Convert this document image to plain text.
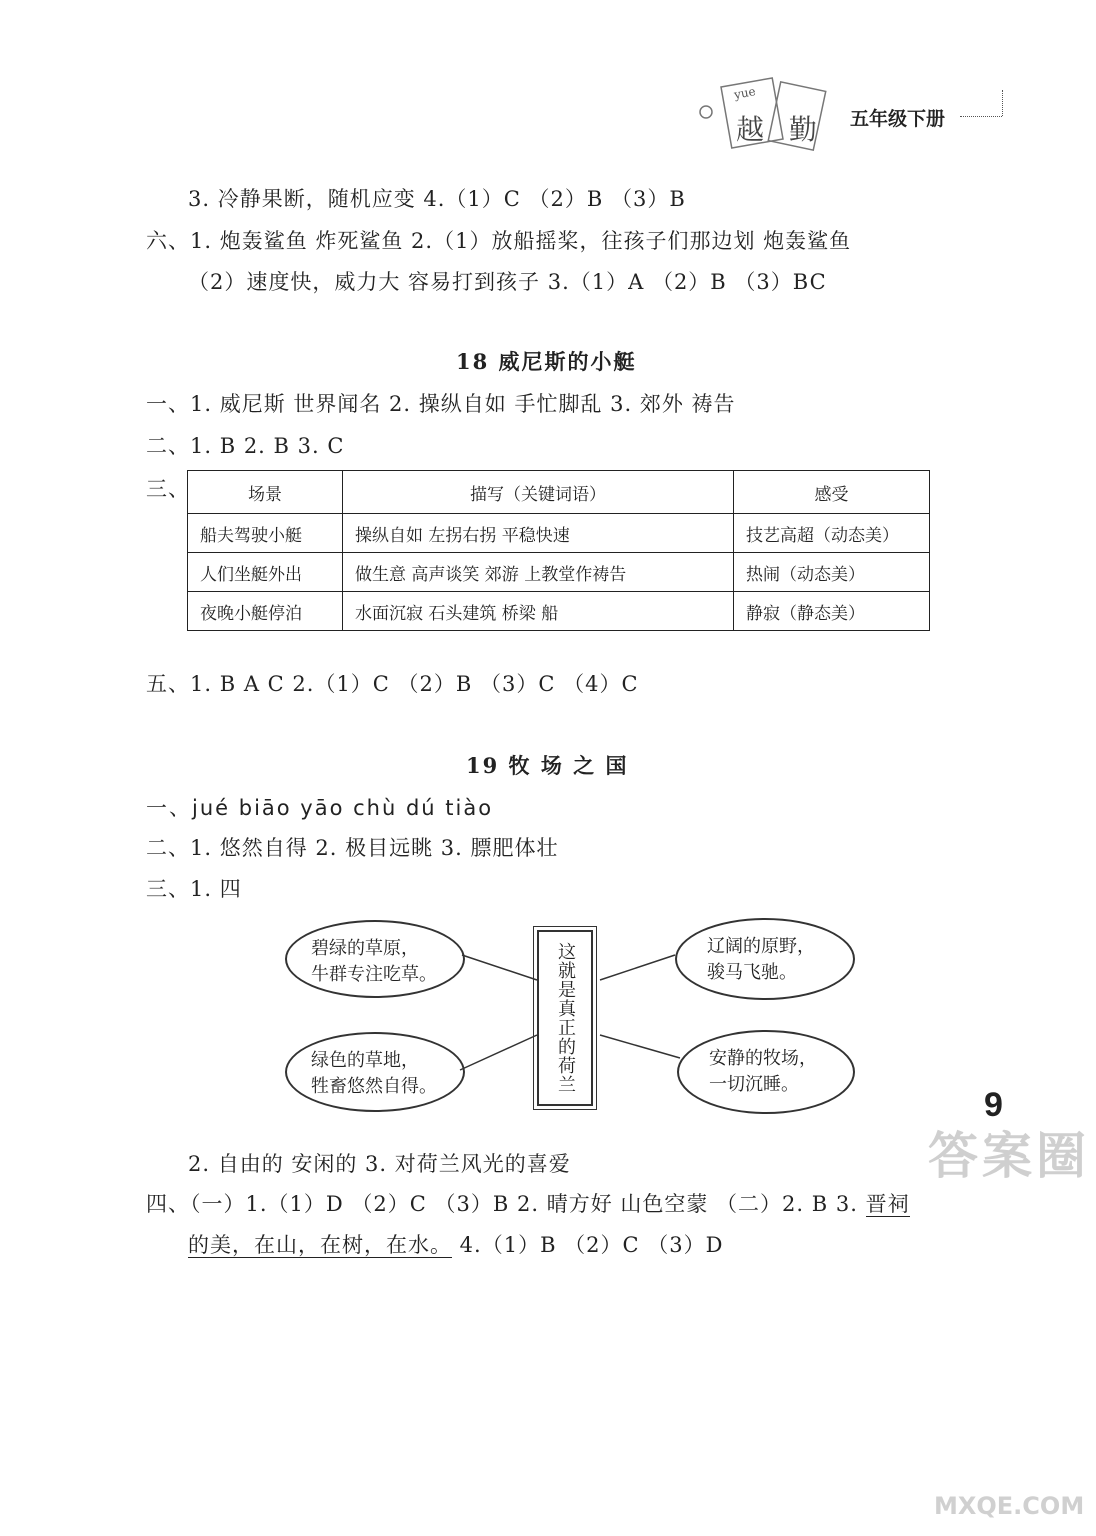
yue
越 勤 五年级下册
3. 冷静果断，随机应变 4.（1）C （2）B （3）B
六、1. 炮轰鲨鱼 炸死鲨鱼 2.（1）放船摇桨，往孩子们那边划 炮轰鲨鱼
（2）速度快，威力大 容易打到孩子 3.（1）A （2）B （3）BC
18 威尼斯的小艇
一、1. 威尼斯 世界闻名 2. 操纵自如 手忙脚乱 3. 郊外 祷告
二、1. B 2. B 3. C
三、	场景	描写（关键词语）	感受
船夫驾驶小艇	操纵自如 左拐右拐 平稳快速	技艺高超（动态美）
人们坐艇外出	做生意 高声谈笑 郊游 上教堂作祷告	热闹（动态美）
夜晚小艇停泊	水面沉寂 石头建筑 桥梁 船	静寂（静态美）
五、1. B A C 2.（1）C （2）B （3）C （4）C
19 牧 场 之 国
一、jué biāo yāo chù dú tiào
二、1. 悠然自得 2. 极目远眺 3. 膘肥体壮
三、1. 四
碧绿的草原，
牛群专注吃草。
辽阔的原野，
骏马飞驰。
绿色的草地，
牲畜悠然自得。
安静的牧场，
一切沉睡。
这就是真正的荷兰
2. 自由的 安闲的 3. 对荷兰风光的喜爱
四、（一）1.（1）D （2）C （3）B 2. 晴方好 山色空蒙 （二）2. B 3. 晋祠
的美，在山，在树，在水。 4.（1）B （2）C （3）D
9
答案圈
MXQE.COM
